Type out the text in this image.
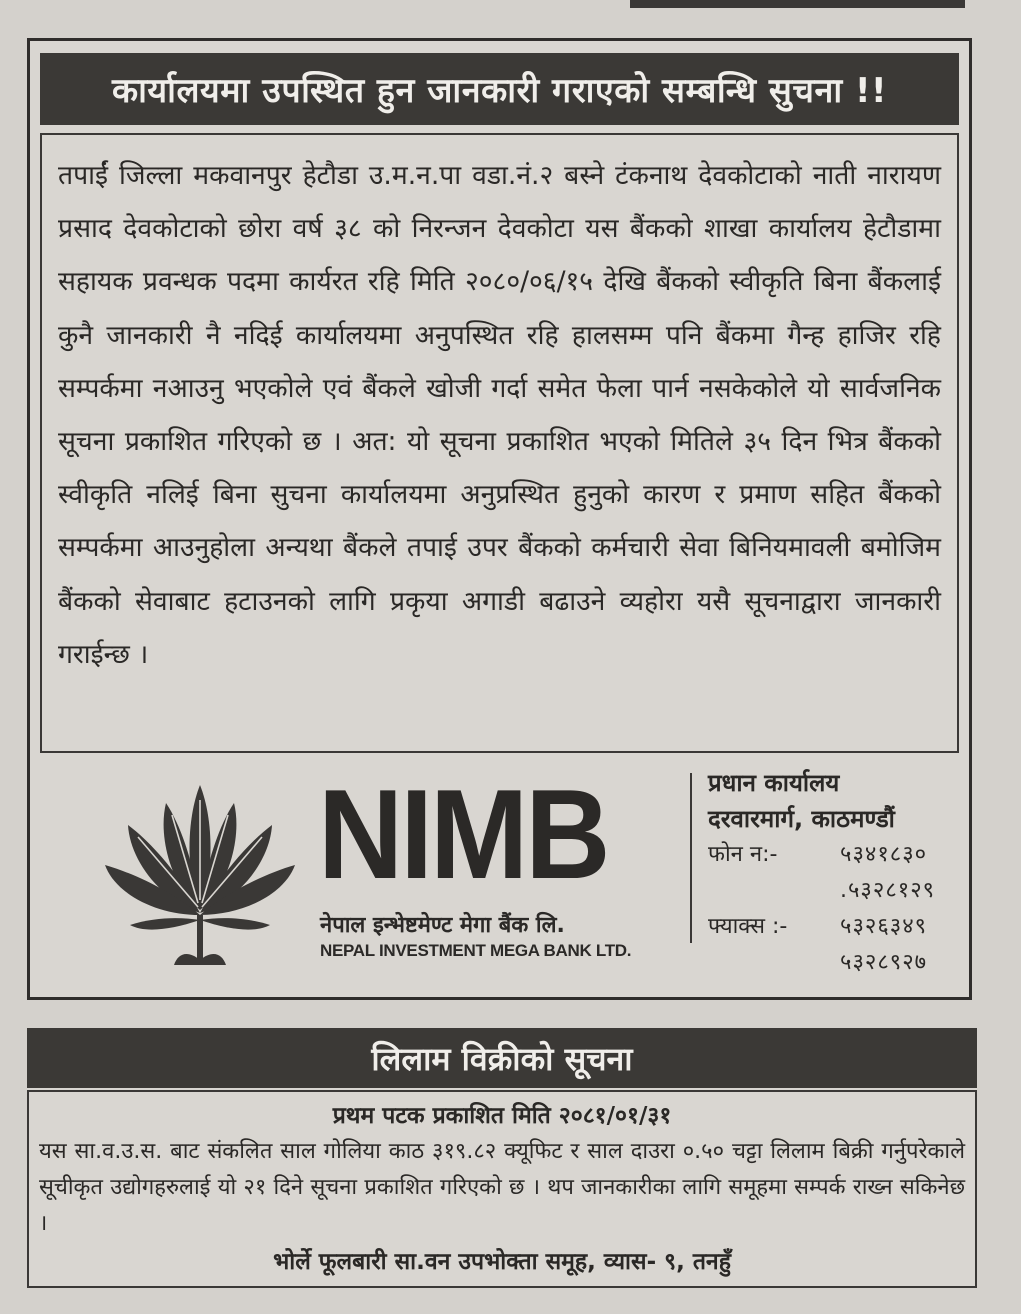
कार्यालयमा उपस्थित हुन जानकारी गराएको सम्बन्धि सुचना !!

तपाईं जिल्ला मकवानपुर हेटौडा उ.म.न.पा वडा.नं.२ बस्ने टंकनाथ देवकोटाको नाती नारायण प्रसाद देवकोटाको छोरा वर्ष ३८ को निरन्जन देवकोटा यस बैंकको शाखा कार्यालय हेटौडामा सहायक प्रवन्धक पदमा कार्यरत रहि मिति २०८०/०६/१५ देखि बैंकको स्वीकृति बिना बैंकलाई कुनै जानकारी नै नदिई कार्यालयमा अनुपस्थित रहि हालसम्म पनि बैंकमा गैन्ह हाजिर रहि सम्पर्कमा नआउनु भएकोले एवं बैंकले खोजी गर्दा समेत फेला पार्न नसकेकोले यो सार्वजनिक सूचना प्रकाशित गरिएको छ । अत: यो सूचना प्रकाशित भएको मितिले ३५ दिन भित्र बैंकको स्वीकृति नलिई बिना सुचना कार्यालयमा अनुप्रस्थित हुनुको कारण र प्रमाण सहित बैंकको सम्पर्कमा आउनुहोला अन्यथा बैंकले तपाई उपर बैंकको कर्मचारी सेवा बिनियमावली बमोजिम बैंकको सेवाबाट हटाउनको लागि प्रकृया अगाडी बढाउने व्यहोरा यसै सूचनाद्वारा जानकारी गराईन्छ ।

NIMB
नेपाल इन्भेष्टमेण्ट मेगा बैंक लि.
NEPAL INVESTMENT MEGA BANK LTD.
प्रधान कार्यालय
दरवारमार्ग, काठमण्डौं
फोन न:-	५३४१८३०
.५३२८१२९
फ्याक्स :-	५३२६३४९
५३२८९२७
लिलाम विक्रीको सूचना
प्रथम पटक प्रकाशित मिति २०८१/०१/३१

यस सा.व.उ.स. बाट संकलित साल गोलिया काठ ३१९.८२ क्यूफिट र साल दाउरा ०.५० चट्टा लिलाम बिक्री गर्नुपरेकाले सूचीकृत उद्योगहरुलाई यो २१ दिने सूचना प्रकाशित गरिएको छ । थप जानकारीका लागि समूहमा सम्पर्क राख्न सकिनेछ ।

भोर्ले फूलबारी सा.वन उपभोक्ता समूह, व्यास- ९, तनहुँ
